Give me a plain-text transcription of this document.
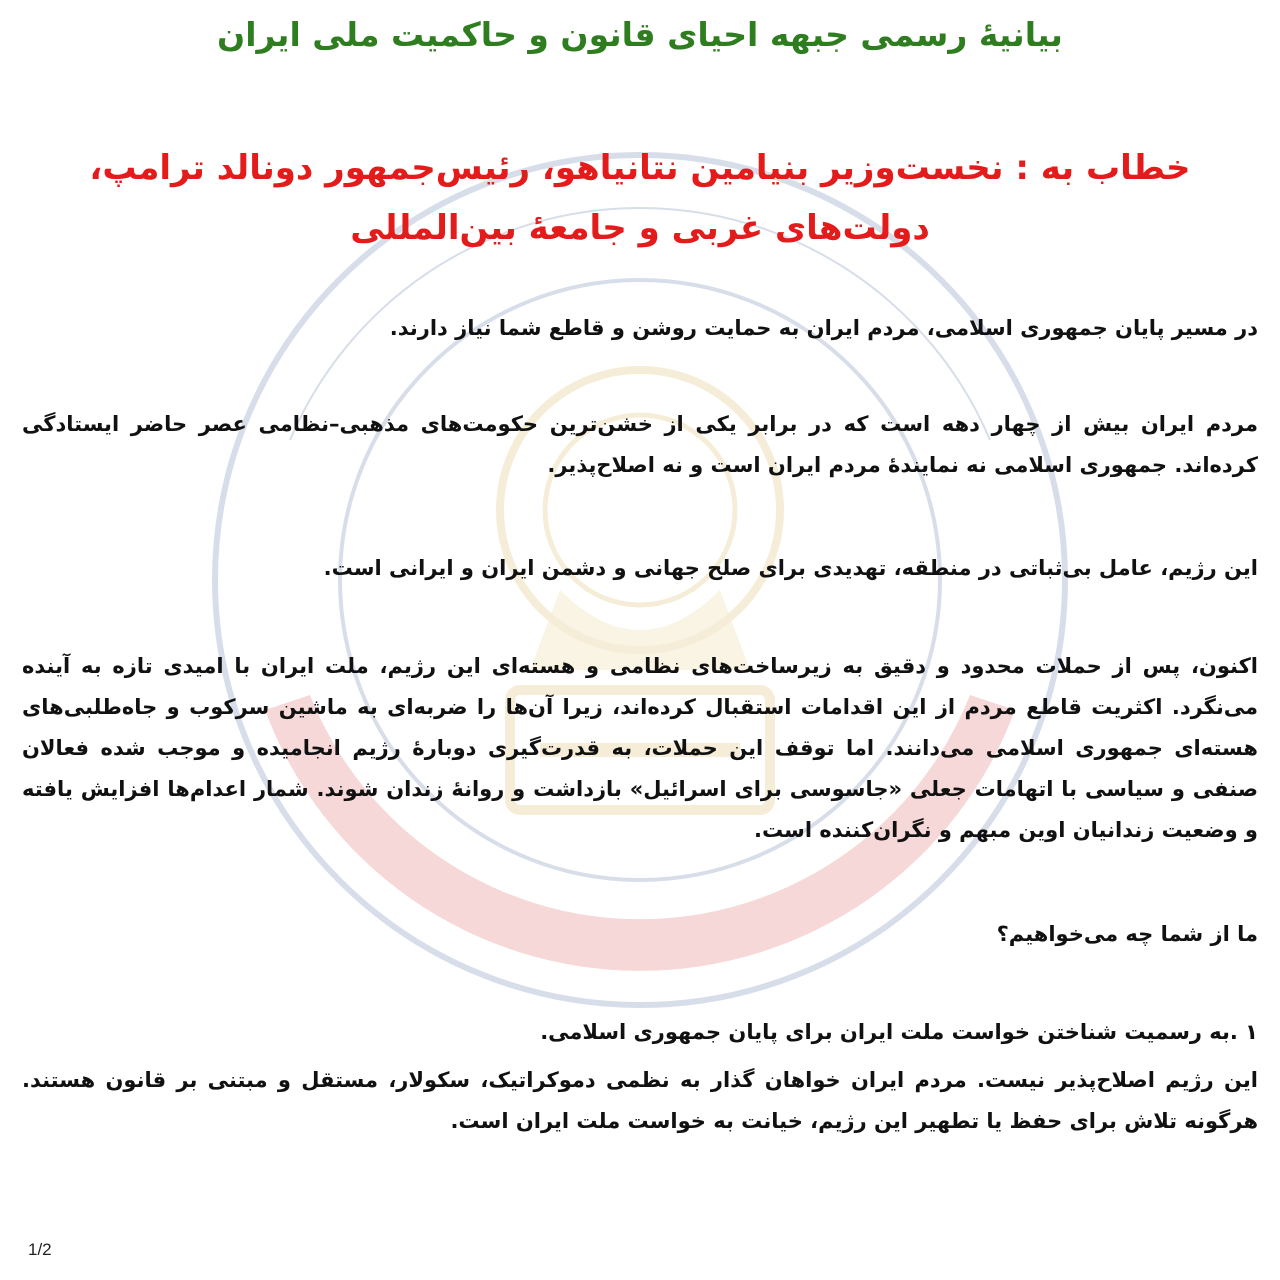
بیانیۀ رسمی جبهه احیای قانون و حاکمیت ملی ایران
خطاب به : نخست‌وزیر بنیامین نتانیاهو، رئیس‌جمهور دونالد ترامپ، دولت‌های غربی و جامعۀ بین‌المللی

در مسیر پایان جمهوری اسلامی، مردم ایران به حمایت روشن و قاطع شما نیاز دارند.

مردم ایران بیش از چهار دهه است که در برابر یکی از خشن‌ترین حکومت‌های مذهبی–نظامی عصر حاضر ایستادگی کرده‌اند. جمهوری اسلامی نه نمایندۀ مردم ایران است و نه اصلاح‌پذیر.

این رژیم، عامل بی‌ثباتی در منطقه، تهدیدی برای صلح جهانی و دشمن ایران و ایرانی است.

اکنون، پس از حملات محدود و دقیق به زیرساخت‌های نظامی و هسته‌ای این رژیم، ملت ایران با امیدی تازه به آینده می‌نگرد. اکثریت قاطع مردم از این اقدامات استقبال کرده‌اند، زیرا آن‌ها را ضربه‌ای به ماشین سرکوب و جاه‌طلبی‌های هسته‌ای جمهوری اسلامی می‌دانند. اما توقف این حملات، به قدرت‌گیری دوبارۀ رژیم انجامیده و موجب شده فعالان صنفی و سیاسی با اتهامات جعلی «جاسوسی برای اسرائیل» بازداشت و روانۀ زندان شوند. شمار اعدام‌ها افزایش یافته و وضعیت زندانیان اوین مبهم و نگران‌کننده است.

ما از شما چه می‌خواهیم؟

۱ .به رسمیت شناختن خواست ملت ایران برای پایان جمهوری اسلامی.

این رژیم اصلاح‌پذیر نیست. مردم ایران خواهان گذار به نظمی دموکراتیک، سکولار، مستقل و مبتنی بر قانون هستند. هرگونه تلاش برای حفظ یا تطهیر این رژیم، خیانت به خواست ملت ایران است.

1/2
